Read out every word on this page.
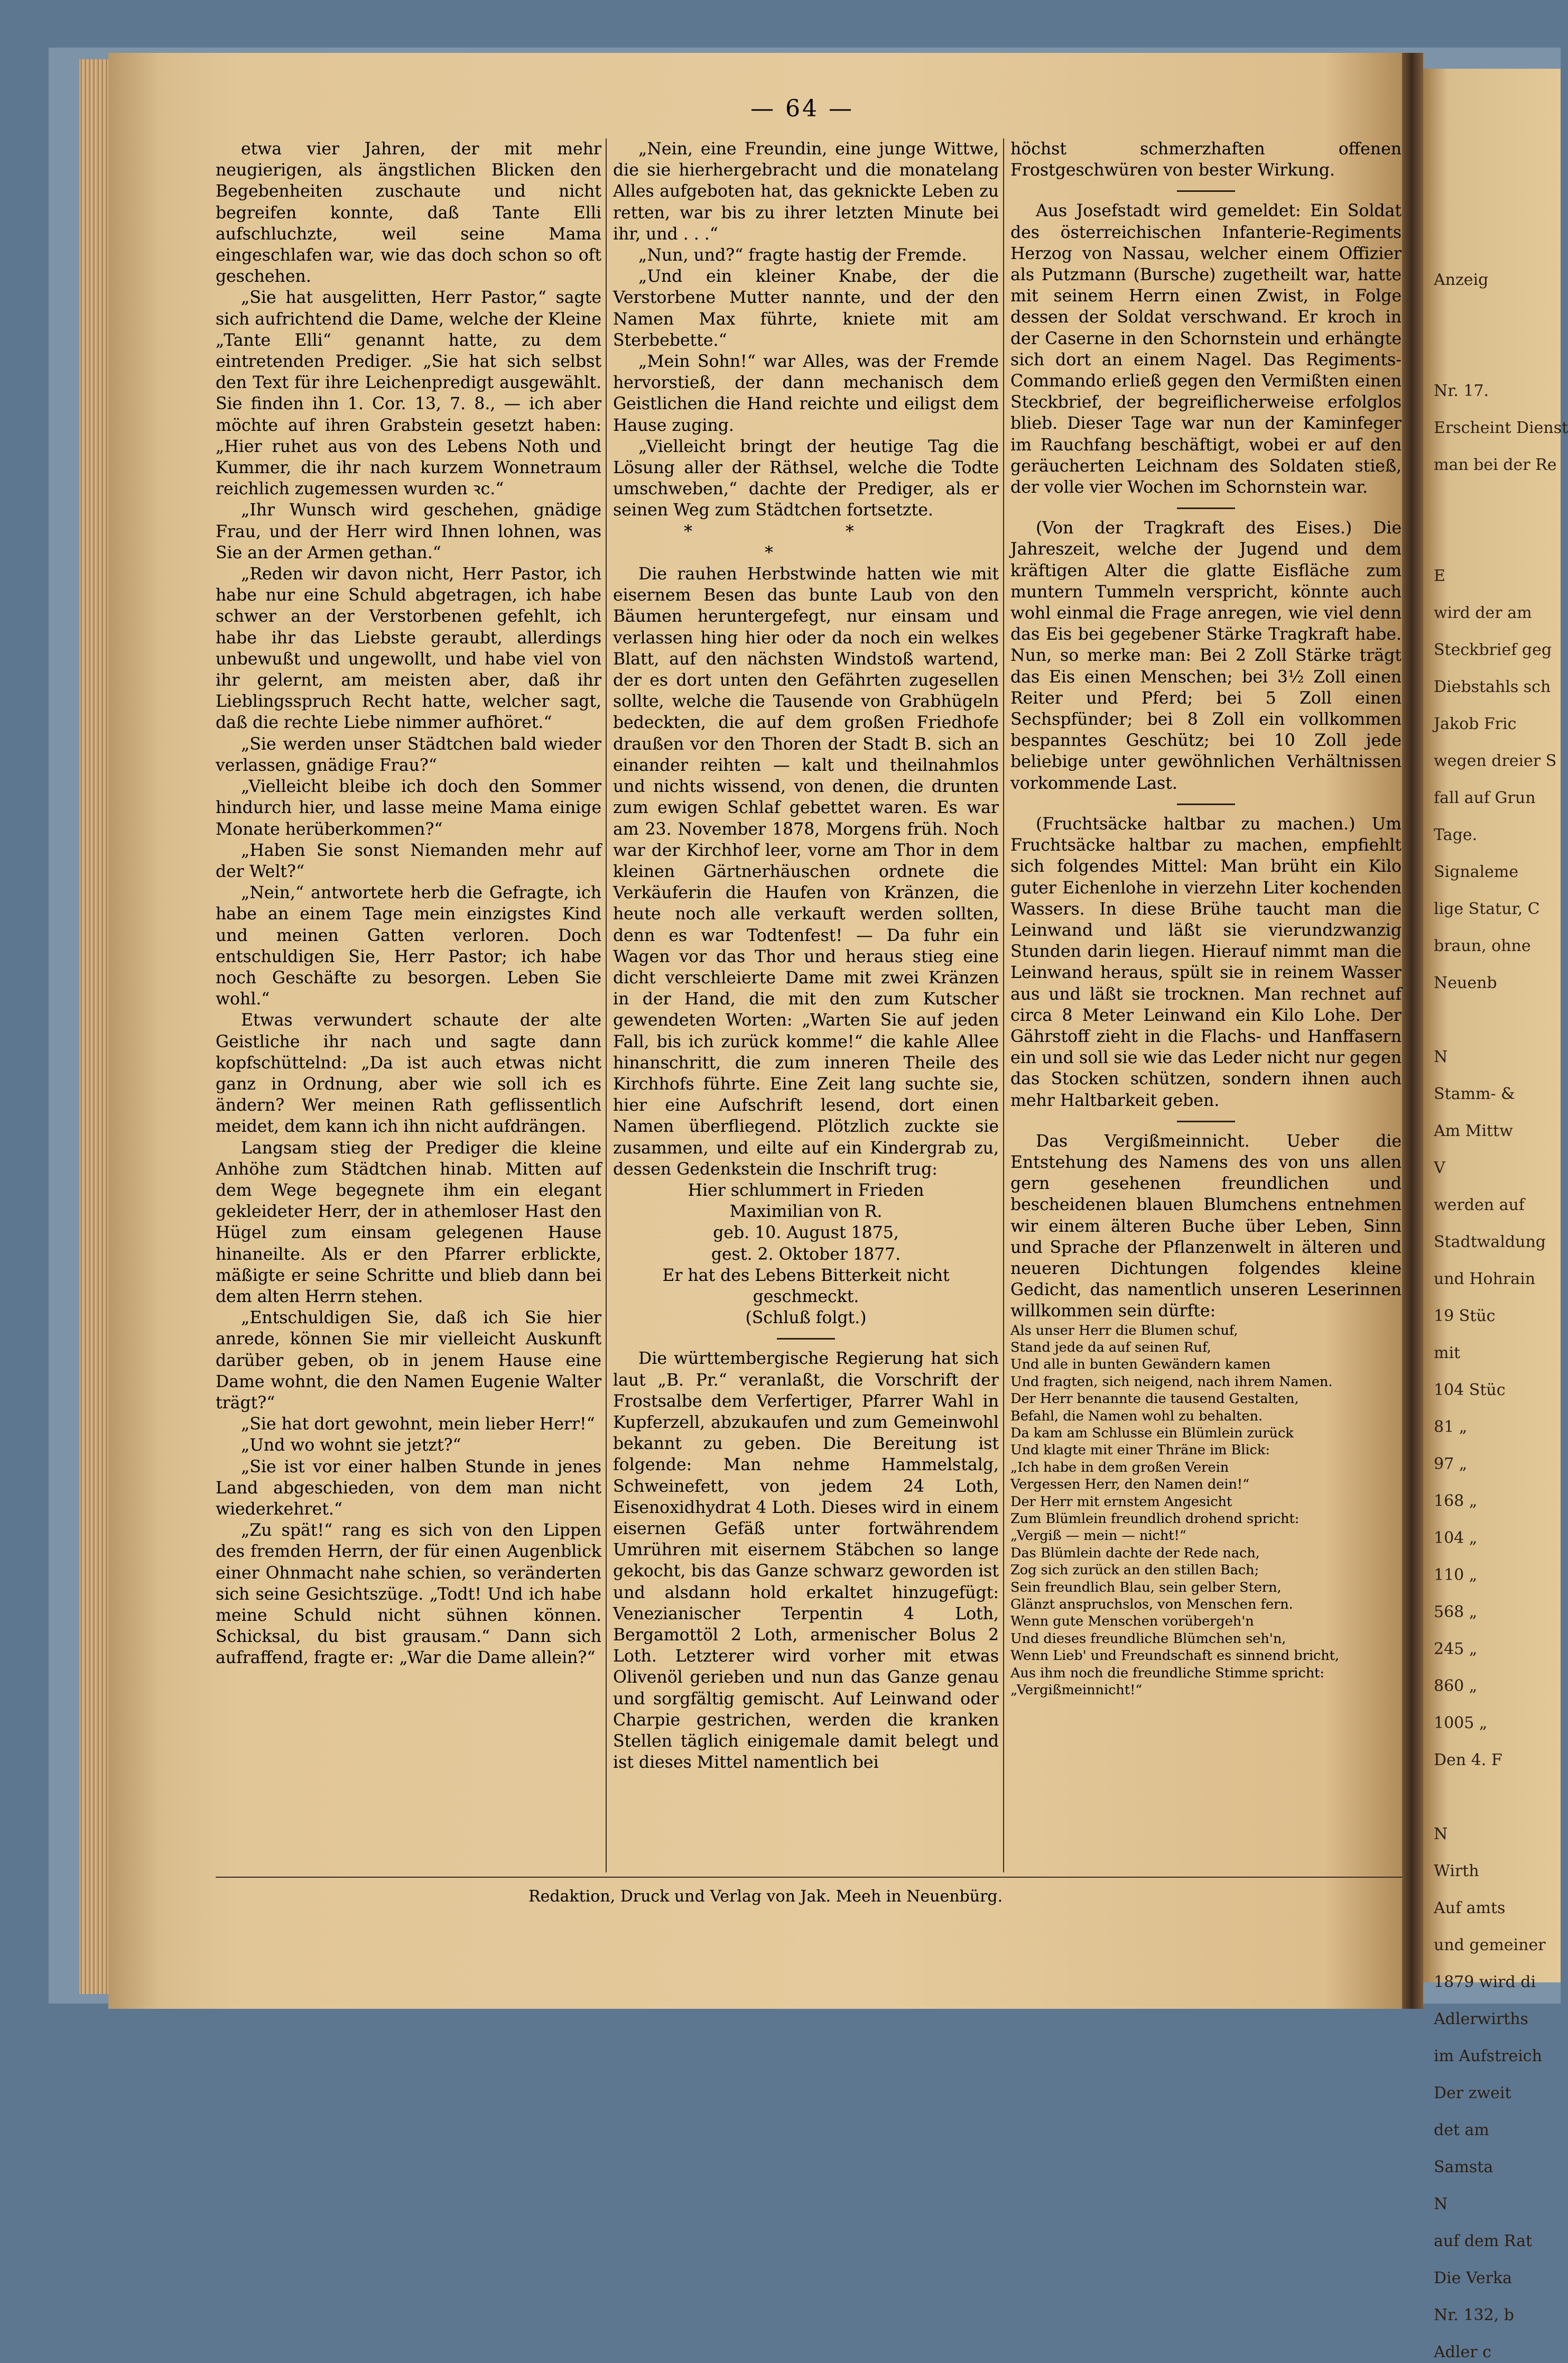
— 64 —

etwa vier Jahren, der mit mehr neugierigen, als ängstlichen Blicken den Begebenheiten zuschaute und nicht begreifen konnte, daß Tante Elli aufschluchzte, weil seine Mama eingeschlafen war, wie das doch schon so oft geschehen.

„Sie hat ausgelitten, Herr Pastor,“ sagte sich aufrichtend die Dame, welche der Kleine „Tante Elli“ genannt hatte, zu dem eintretenden Prediger. „Sie hat sich selbst den Text für ihre Leichenpredigt ausgewählt. Sie finden ihn 1. Cor. 13, 7. 8., — ich aber möchte auf ihren Grabstein gesetzt haben: „Hier ruhet aus von des Lebens Noth und Kummer, die ihr nach kurzem Wonnetraum reichlich zugemessen wurden ꝛc.“

„Ihr Wunsch wird geschehen, gnädige Frau, und der Herr wird Ihnen lohnen, was Sie an der Armen gethan.“

„Reden wir davon nicht, Herr Pastor, ich habe nur eine Schuld abgetragen, ich habe schwer an der Verstorbenen gefehlt, ich habe ihr das Liebste geraubt, allerdings unbewußt und ungewollt, und habe viel von ihr gelernt, am meisten aber, daß ihr Lieblingsspruch Recht hatte, welcher sagt, daß die rechte Liebe nimmer aufhöret.“

„Sie werden unser Städtchen bald wieder verlassen, gnädige Frau?“

„Vielleicht bleibe ich doch den Sommer hindurch hier, und lasse meine Mama einige Monate herüberkommen?“

„Haben Sie sonst Niemanden mehr auf der Welt?“

„Nein,“ antwortete herb die Gefragte, ich habe an einem Tage mein einzigstes Kind und meinen Gatten verloren. Doch entschuldigen Sie, Herr Pastor; ich habe noch Geschäfte zu besorgen. Leben Sie wohl.“

Etwas verwundert schaute der alte Geistliche ihr nach und sagte dann kopfschüttelnd: „Da ist auch etwas nicht ganz in Ordnung, aber wie soll ich es ändern? Wer meinen Rath geflissentlich meidet, dem kann ich ihn nicht aufdrängen.

Langsam stieg der Prediger die kleine Anhöhe zum Städtchen hinab. Mitten auf dem Wege begegnete ihm ein elegant gekleideter Herr, der in athemloser Hast den Hügel zum einsam gelegenen Hause hinaneilte. Als er den Pfarrer erblickte, mäßigte er seine Schritte und blieb dann bei dem alten Herrn stehen.

„Entschuldigen Sie, daß ich Sie hier anrede, können Sie mir vielleicht Auskunft darüber geben, ob in jenem Hause eine Dame wohnt, die den Namen Eugenie Walter trägt?“

„Sie hat dort gewohnt, mein lieber Herr!“

„Und wo wohnt sie jetzt?“

„Sie ist vor einer halben Stunde in jenes Land abgeschieden, von dem man nicht wiederkehret.“

„Zu spät!“ rang es sich von den Lippen des fremden Herrn, der für einen Augenblick einer Ohnmacht nahe schien, so veränderten sich seine Gesichtszüge. „Todt! Und ich habe meine Schuld nicht sühnen können. Schicksal, du bist grausam.“ Dann sich aufraffend, fragte er: „War die Dame allein?“

„Nein, eine Freundin, eine junge Wittwe, die sie hierhergebracht und die monatelang Alles aufgeboten hat, das geknickte Leben zu retten, war bis zu ihrer letzten Minute bei ihr, und . . .“

„Nun, und?“ fragte hastig der Fremde.

„Und ein kleiner Knabe, der die Verstorbene Mutter nannte, und der den Namen Max führte, kniete mit am Sterbebette.“

„Mein Sohn!“ war Alles, was der Fremde hervorstieß, der dann mechanisch dem Geistlichen die Hand reichte und eiligst dem Hause zuging.

„Vielleicht bringt der heutige Tag die Lösung aller der Räthsel, welche die Todte umschweben,“ dachte der Prediger, als er seinen Weg zum Städtchen fortsetzte.

* * *

Die rauhen Herbstwinde hatten wie mit eisernem Besen das bunte Laub von den Bäumen heruntergefegt, nur einsam und verlassen hing hier oder da noch ein welkes Blatt, auf den nächsten Windstoß wartend, der es dort unten den Gefährten zugesellen sollte, welche die Tausende von Grabhügeln bedeckten, die auf dem großen Friedhofe draußen vor den Thoren der Stadt B. sich an einander reihten — kalt und theilnahmlos und nichts wissend, von denen, die drunten zum ewigen Schlaf gebettet waren. Es war am 23. November 1878, Morgens früh. Noch war der Kirchhof leer, vorne am Thor in dem kleinen Gärtnerhäuschen ordnete die Verkäuferin die Haufen von Kränzen, die heute noch alle verkauft werden sollten, denn es war Todtenfest! — Da fuhr ein Wagen vor das Thor und heraus stieg eine dicht verschleierte Dame mit zwei Kränzen in der Hand, die mit den zum Kutscher gewendeten Worten: „Warten Sie auf jeden Fall, bis ich zurück komme!“ die kahle Allee hinanschritt, die zum inneren Theile des Kirchhofs führte. Eine Zeit lang suchte sie, hier eine Aufschrift lesend, dort einen Namen überfliegend. Plötzlich zuckte sie zusammen, und eilte auf ein Kindergrab zu, dessen Gedenkstein die Inschrift trug:

Hier schlummert in Frieden

Maximilian von R.

geb. 10. August 1875,

gest. 2. Oktober 1877.

Er hat des Lebens Bitterkeit nicht geschmeckt.

(Schluß folgt.)

Die württembergische Regierung hat sich laut „B. Pr.“ veranlaßt, die Vorschrift der Frostsalbe dem Verfertiger, Pfarrer Wahl in Kupferzell, abzukaufen und zum Gemeinwohl bekannt zu geben. Die Bereitung ist folgende: Man nehme Hammelstalg, Schweinefett, von jedem 24 Loth, Eisenoxidhydrat 4 Loth. Dieses wird in einem eisernen Gefäß unter fortwährendem Umrühren mit eisernem Stäbchen so lange gekocht, bis das Ganze schwarz geworden ist und alsdann hold erkaltet hinzugefügt: Venezianischer Terpentin 4 Loth, Bergamottöl 2 Loth, armenischer Bolus 2 Loth. Letzterer wird vorher mit etwas Olivenöl gerieben und nun das Ganze genau und sorgfältig gemischt. Auf Leinwand oder Charpie gestrichen, werden die kranken Stellen täglich einigemale damit belegt und ist dieses Mittel namentlich bei

höchst schmerzhaften offenen Frostgeschwüren von bester Wirkung.

Aus Josefstadt wird gemeldet: Ein Soldat des österreichischen Infanterie-Regiments Herzog von Nassau, welcher einem Offizier als Putzmann (Bursche) zugetheilt war, hatte mit seinem Herrn einen Zwist, in Folge dessen der Soldat verschwand. Er kroch in der Caserne in den Schornstein und erhängte sich dort an einem Nagel. Das Regiments-Commando erließ gegen den Vermißten einen Steckbrief, der begreiflicherweise erfolglos blieb. Dieser Tage war nun der Kaminfeger im Rauchfang beschäftigt, wobei er auf den geräucherten Leichnam des Soldaten stieß, der volle vier Wochen im Schornstein war.

(Von der Tragkraft des Eises.) Die Jahreszeit, welche der Jugend und dem kräftigen Alter die glatte Eisfläche zum muntern Tummeln verspricht, könnte auch wohl einmal die Frage anregen, wie viel denn das Eis bei gegebener Stärke Tragkraft habe. Nun, so merke man: Bei 2 Zoll Stärke trägt das Eis einen Menschen; bei 3½ Zoll einen Reiter und Pferd; bei 5 Zoll einen Sechspfünder; bei 8 Zoll ein vollkommen bespanntes Geschütz; bei 10 Zoll jede beliebige unter gewöhnlichen Verhältnissen vorkommende Last.

(Fruchtsäcke haltbar zu machen.) Um Fruchtsäcke haltbar zu machen, empfiehlt sich folgendes Mittel: Man brüht ein Kilo guter Eichenlohe in vierzehn Liter kochenden Wassers. In diese Brühe taucht man die Leinwand und läßt sie vierundzwanzig Stunden darin liegen. Hierauf nimmt man die Leinwand heraus, spült sie in reinem Wasser aus und läßt sie trocknen. Man rechnet auf circa 8 Meter Leinwand ein Kilo Lohe. Der Gährstoff zieht in die Flachs- und Hanffasern ein und soll sie wie das Leder nicht nur gegen das Stocken schützen, sondern ihnen auch mehr Haltbarkeit geben.

Das Vergißmeinnicht. Ueber die Entstehung des Namens des von uns allen gern gesehenen freundlichen und bescheidenen blauen Blumchens entnehmen wir einem älteren Buche über Leben, Sinn und Sprache der Pflanzenwelt in älteren und neueren Dichtungen folgendes kleine Gedicht, das namentlich unseren Leserinnen willkommen sein dürfte:

Als unser Herr die Blumen schuf,

Stand jede da auf seinen Ruf,

Und alle in bunten Gewändern kamen

Und fragten, sich neigend, nach ihrem Namen.

Der Herr benannte die tausend Gestalten,

Befahl, die Namen wohl zu behalten.

Da kam am Schlusse ein Blümlein zurück

Und klagte mit einer Thräne im Blick:

„Ich habe in dem großen Verein

Vergessen Herr, den Namen dein!“

Der Herr mit ernstem Angesicht

Zum Blümlein freundlich drohend spricht:

„Vergiß — mein — nicht!“

Das Blümlein dachte der Rede nach,

Zog sich zurück an den stillen Bach;

Sein freundlich Blau, sein gelber Stern,

Glänzt anspruchslos, von Menschen fern.

Wenn gute Menschen vorübergeh'n

Und dieses freundliche Blümchen seh'n,

Wenn Lieb' und Freundschaft es sinnend bricht,

Aus ihm noch die freundliche Stimme spricht:

„Vergißmeinnicht!“

Redaktion, Druck und Verlag von Jak. Meeh in Neuenbürg.

Anzeig

Nr. 17.

Erscheint Dienst

man bei der Re

E

wird der am

Steckbrief geg

Diebstahls sch

Jakob Fric

wegen dreier S

fall auf Grun

Tage.

Signaleme

lige Statur, C

braun, ohne

Neuenb

N

Stamm- &

Am Mittw

V

werden auf

Stadtwaldung

und Hohrain

19 Stüc

mit

104 Stüc

81 „

97 „

168 „

104 „

110 „

568 „

245 „

860 „

1005 „

Den 4. F

N

Wirth

Auf amts

und gemeiner

1879 wird di

Adlerwirths

im Aufstreich

Der zweit

det am

Samsta

N

auf dem Rat

Die Verka

Nr. 132, b

Adler c
